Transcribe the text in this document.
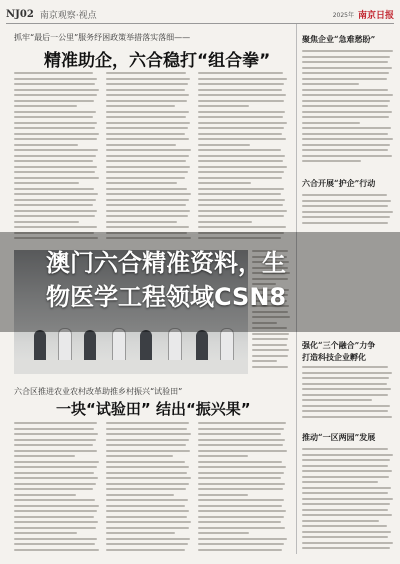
NJ02 南京观察 ·视点	2025年 南京日报
抓牢“最后一公里”服务纾困政策举措落实落细——
精准助企，六合稳打“组合拳”
六合区推进农业农村改革助推乡村振兴“试验田”
一块“试验田” 结出“振兴果”
聚焦企业“急难愁盼”
六合开展“护企”行动
强化“三个融合”力争
打造科技企业孵化
推动“一区两园”发展
澳门六合精准资料，生
物医学工程领域CSN8
